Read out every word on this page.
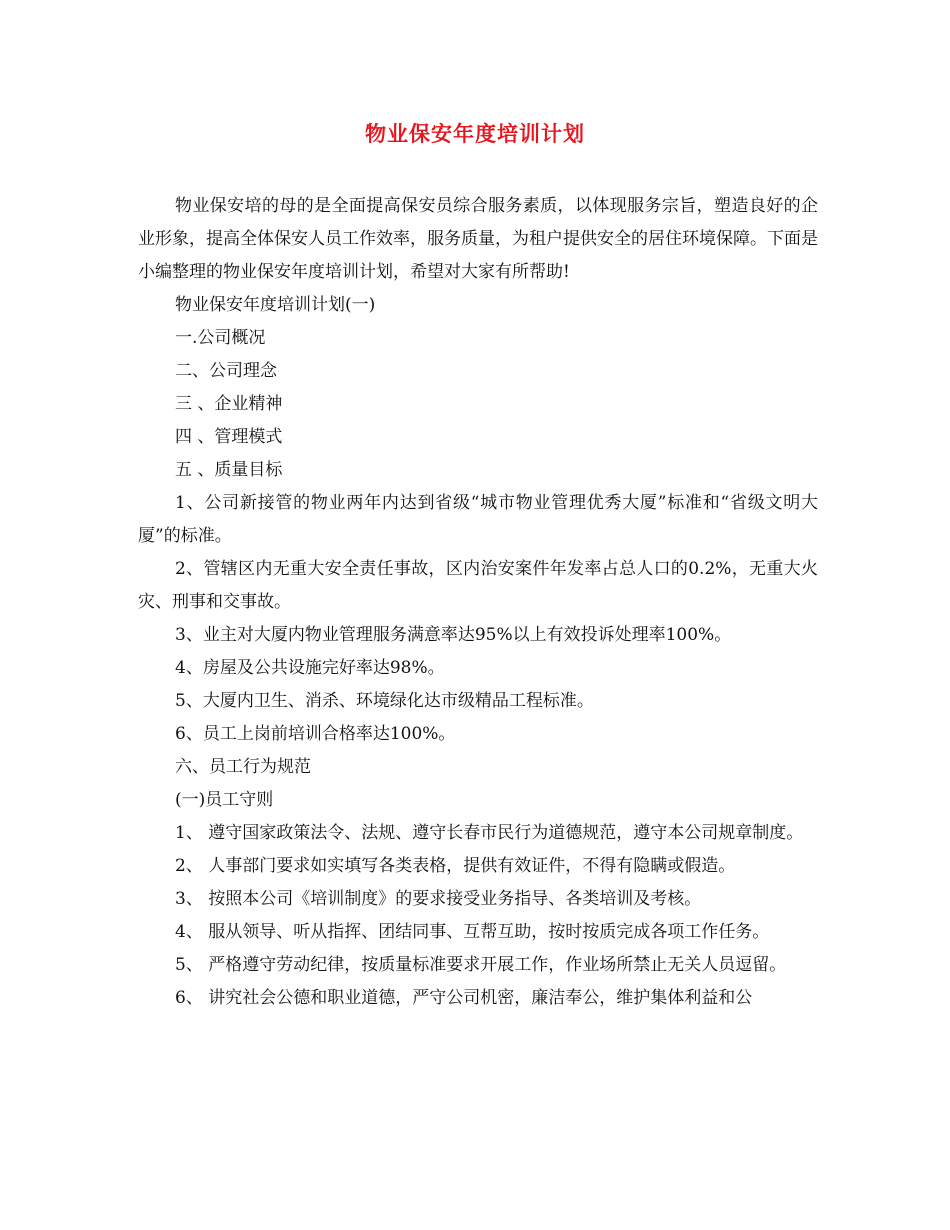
物业保安年度培训计划

物业保安培的母的是全面提高保安员综合服务素质，以体现服务宗旨，塑造良好的企业形象，提高全体保安人员工作效率，服务质量，为租户提供安全的居住环境保障。下面是小编整理的物业保安年度培训计划，希望对大家有所帮助!

物业保安年度培训计划(一)

一.公司概况

二、公司理念

三 、企业精神

四 、管理模式

五 、质量目标

1、公司新接管的物业两年内达到省级“城市物业管理优秀大厦”标准和“省级文明大厦”的标准。

2、管辖区内无重大安全责任事故，区内治安案件年发率占总人口的0.2%，无重大火灾、刑事和交事故。

3、业主对大厦内物业管理服务满意率达95%以上有效投诉处理率100%。

4、房屋及公共设施完好率达98%。

5、大厦内卫生、消杀、环境绿化达市级精品工程标准。

6、员工上岗前培训合格率达100%。

六、员工行为规范

(一)员工守则

1、 遵守国家政策法令、法规、遵守长春市民行为道德规范，遵守本公司规章制度。

2、 人事部门要求如实填写各类表格，提供有效证件，不得有隐瞒或假造。

3、 按照本公司《培训制度》的要求接受业务指导、各类培训及考核。

4、 服从领导、听从指挥、团结同事、互帮互助，按时按质完成各项工作任务。

5、 严格遵守劳动纪律，按质量标准要求开展工作，作业场所禁止无关人员逗留。

6、 讲究社会公德和职业道德，严守公司机密，廉洁奉公，维护集体利益和公
